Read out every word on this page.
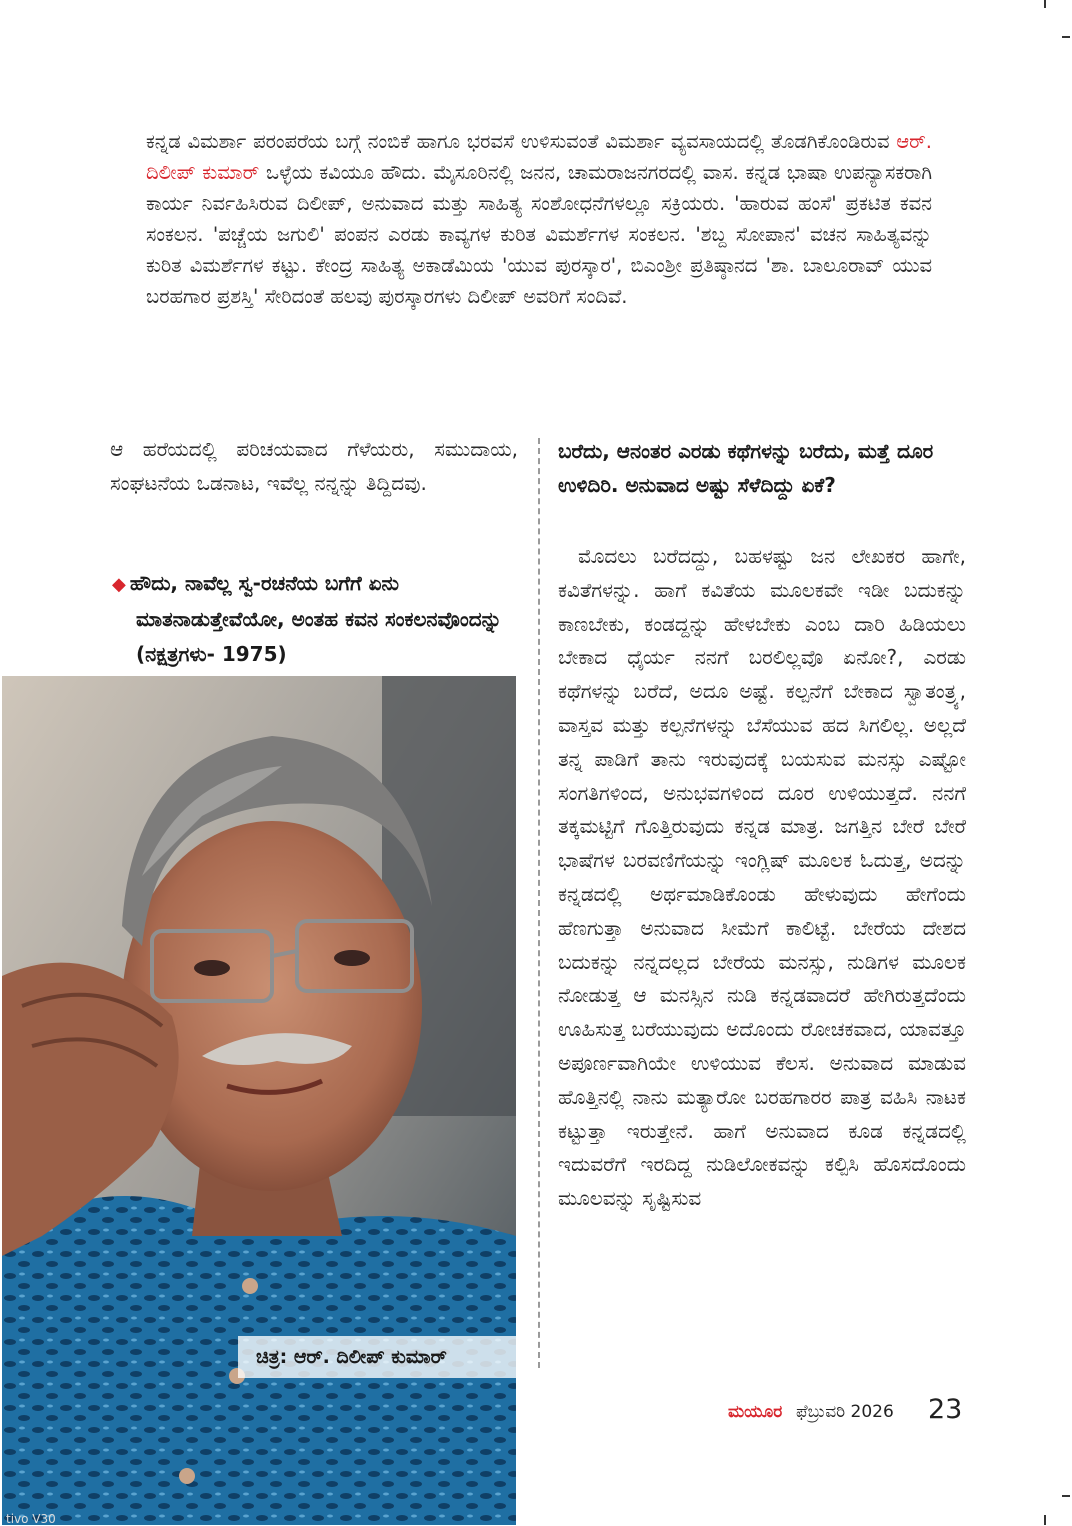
ಕನ್ನಡ ವಿಮರ್ಶಾ ಪರಂಪರೆಯ ಬಗ್ಗೆ ನಂಬಿಕೆ ಹಾಗೂ ಭರವಸೆ ಉಳಿಸುವಂತೆ ವಿಮರ್ಶಾ ವ್ಯವಸಾಯದಲ್ಲಿ ತೊಡಗಿಕೊಂಡಿರುವ ಆರ್. ದಿಲೀಪ್ ಕುಮಾರ್ ಒಳ್ಳೆಯ ಕವಿಯೂ ಹೌದು. ಮೈಸೂರಿನಲ್ಲಿ ಜನನ, ಚಾಮರಾಜನಗರದಲ್ಲಿ ವಾಸ. ಕನ್ನಡ ಭಾಷಾ ಉಪನ್ಯಾಸಕರಾಗಿ ಕಾರ್ಯ ನಿರ್ವಹಿಸಿರುವ ದಿಲೀಪ್, ಅನುವಾದ ಮತ್ತು ಸಾಹಿತ್ಯ ಸಂಶೋಧನೆಗಳಲ್ಲೂ ಸಕ್ರಿಯರು. 'ಹಾರುವ ಹಂಸೆ' ಪ್ರಕಟಿತ ಕವನ ಸಂಕಲನ. 'ಪಚ್ಚೆಯ ಜಗುಲಿ' ಪಂಪನ ಎರಡು ಕಾವ್ಯಗಳ ಕುರಿತ ವಿಮರ್ಶೆಗಳ ಸಂಕಲನ. 'ಶಬ್ದ ಸೋಪಾನ' ವಚನ ಸಾಹಿತ್ಯವನ್ನು ಕುರಿತ ವಿಮರ್ಶೆಗಳ ಕಟ್ಟು. ಕೇಂದ್ರ ಸಾಹಿತ್ಯ ಅಕಾಡೆಮಿಯ 'ಯುವ ಪುರಸ್ಕಾರ', ಬಿಎಂಶ್ರೀ ಪ್ರತಿಷ್ಠಾನದ 'ಶಾ. ಬಾಲೂರಾವ್ ಯುವ ಬರಹಗಾರ ಪ್ರಶಸ್ತಿ' ಸೇರಿದಂತೆ ಹಲವು ಪುರಸ್ಕಾರಗಳು ದಿಲೀಪ್ ಅವರಿಗೆ ಸಂದಿವೆ.

ಆ ಹರೆಯದಲ್ಲಿ ಪರಿಚಯವಾದ ಗೆಳೆಯರು, ಸಮುದಾಯ, ಸಂಘಟನೆಯ ಒಡನಾಟ, ಇವೆಲ್ಲ ನನ್ನನ್ನು ತಿದ್ದಿದವು.

◆ ಹೌದು, ನಾವೆಲ್ಲ ಸ್ವ-ರಚನೆಯ ಬಗೆಗೆ ಏನು
ಮಾತನಾಡುತ್ತೇವೆಯೋ, ಅಂತಹ ಕವನ ಸಂಕಲನವೊಂದನ್ನು (ನಕ್ಷತ್ರಗಳು- 1975)
ಚಿತ್ರ: ಆರ್. ದಿಲೀಪ್ ಕುಮಾರ್

ಬರೆದು, ಆನಂತರ ಎರಡು ಕಥೆಗಳನ್ನು ಬರೆದು, ಮತ್ತೆ ದೂರ ಉಳಿದಿರಿ. ಅನುವಾದ ಅಷ್ಟು ಸೆಳೆದಿದ್ದು ಏಕೆ?

ಮೊದಲು ಬರೆದದ್ದು, ಬಹಳಷ್ಟು ಜನ ಲೇಖಕರ ಹಾಗೇ, ಕವಿತೆಗಳನ್ನು. ಹಾಗೆ ಕವಿತೆಯ ಮೂಲಕವೇ ಇಡೀ ಬದುಕನ್ನು ಕಾಣಬೇಕು, ಕಂಡದ್ದನ್ನು ಹೇಳಬೇಕು ಎಂಬ ದಾರಿ ಹಿಡಿಯಲು ಬೇಕಾದ ಧೈರ್ಯ ನನಗೆ ಬರಲಿಲ್ಲವೊ ಏನೋ?, ಎರಡು ಕಥೆಗಳನ್ನು ಬರೆದೆ, ಅದೂ ಅಷ್ಟೆ. ಕಲ್ಪನೆಗೆ ಬೇಕಾದ ಸ್ವಾತಂತ್ರ್ಯ, ವಾಸ್ತವ ಮತ್ತು ಕಲ್ಪನೆಗಳನ್ನು ಬೆಸೆಯುವ ಹದ ಸಿಗಲಿಲ್ಲ. ಅಲ್ಲದೆ ತನ್ನ ಪಾಡಿಗೆ ತಾನು ಇರುವುದಕ್ಕೆ ಬಯಸುವ ಮನಸ್ಸು ಎಷ್ಟೋ ಸಂಗತಿಗಳಿಂದ, ಅನುಭವಗಳಿಂದ ದೂರ ಉಳಿಯುತ್ತದೆ. ನನಗೆ ತಕ್ಕಮಟ್ಟಿಗೆ ಗೊತ್ತಿರುವುದು ಕನ್ನಡ ಮಾತ್ರ. ಜಗತ್ತಿನ ಬೇರೆ ಬೇರೆ ಭಾಷೆಗಳ ಬರವಣಿಗೆಯನ್ನು ಇಂಗ್ಲಿಷ್ ಮೂಲಕ ಓದುತ್ತ, ಅದನ್ನು ಕನ್ನಡದಲ್ಲಿ ಅರ್ಥಮಾಡಿಕೊಂಡು ಹೇಳುವುದು ಹೇಗೆಂದು ಹೆಣಗುತ್ತಾ ಅನುವಾದ ಸೀಮೆಗೆ ಕಾಲಿಟ್ಟೆ. ಬೇರೆಯ ದೇಶದ ಬದುಕನ್ನು ನನ್ನದಲ್ಲದ ಬೇರೆಯ ಮನಸ್ಸು, ನುಡಿಗಳ ಮೂಲಕ ನೋಡುತ್ತ ಆ ಮನಸ್ಸಿನ ನುಡಿ ಕನ್ನಡವಾದರೆ ಹೇಗಿರುತ್ತದೆಂದು ಊಹಿಸುತ್ತ ಬರೆಯುವುದು ಅದೊಂದು ರೋಚಕವಾದ, ಯಾವತ್ತೂ ಅಪೂರ್ಣವಾಗಿಯೇ ಉಳಿಯುವ ಕೆಲಸ. ಅನುವಾದ ಮಾಡುವ ಹೊತ್ತಿನಲ್ಲಿ ನಾನು ಮತ್ಯಾರೋ ಬರಹಗಾರರ ಪಾತ್ರ ವಹಿಸಿ ನಾಟಕ ಕಟ್ಟುತ್ತಾ ಇರುತ್ತೇನೆ. ಹಾಗೆ ಅನುವಾದ ಕೂಡ ಕನ್ನಡದಲ್ಲಿ ಇದುವರೆಗೆ ಇರದಿದ್ದ ನುಡಿಲೋಕವನ್ನು ಕಲ್ಪಿಸಿ ಹೊಸದೊಂದು ಮೂಲವನ್ನು ಸೃಷ್ಟಿಸುವ

ಮಯೂರ ಫೆಬ್ರುವರಿ 2026 23
tivo V30
